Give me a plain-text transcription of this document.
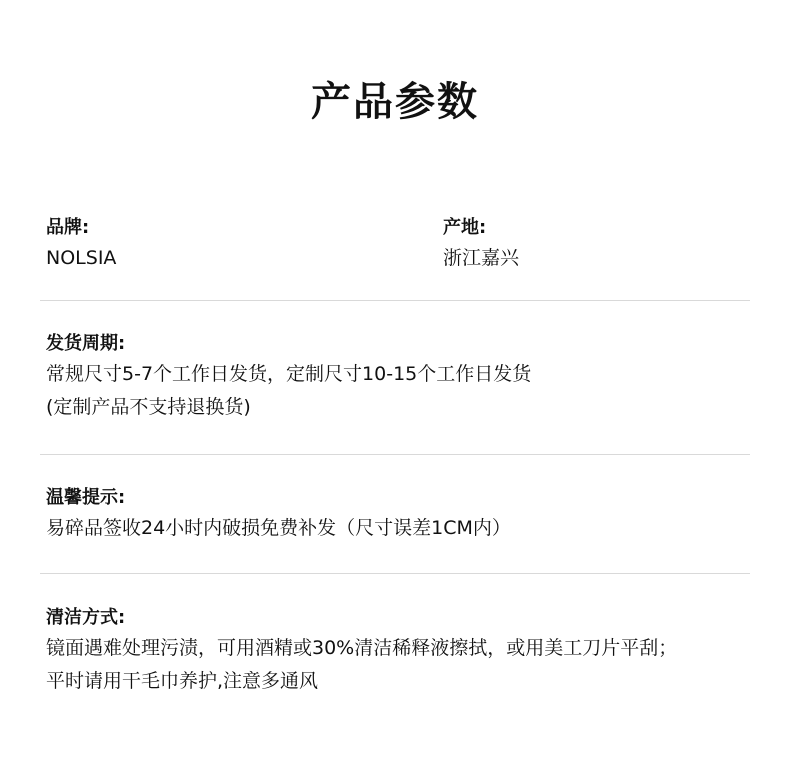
产品参数

品牌:

NOLSIA

产地:

浙江嘉兴

发货周期:

常规尺寸5-7个工作日发货，定制尺寸10-15个工作日发货

(定制产品不支持退换货)

温馨提示:

易碎品签收24小时内破损免费补发（尺寸误差1CM内）

清洁方式:

镜面遇难处理污渍，可用酒精或30%清洁稀释液擦拭，或用美工刀片平刮；

平时请用干毛巾养护,注意多通风
